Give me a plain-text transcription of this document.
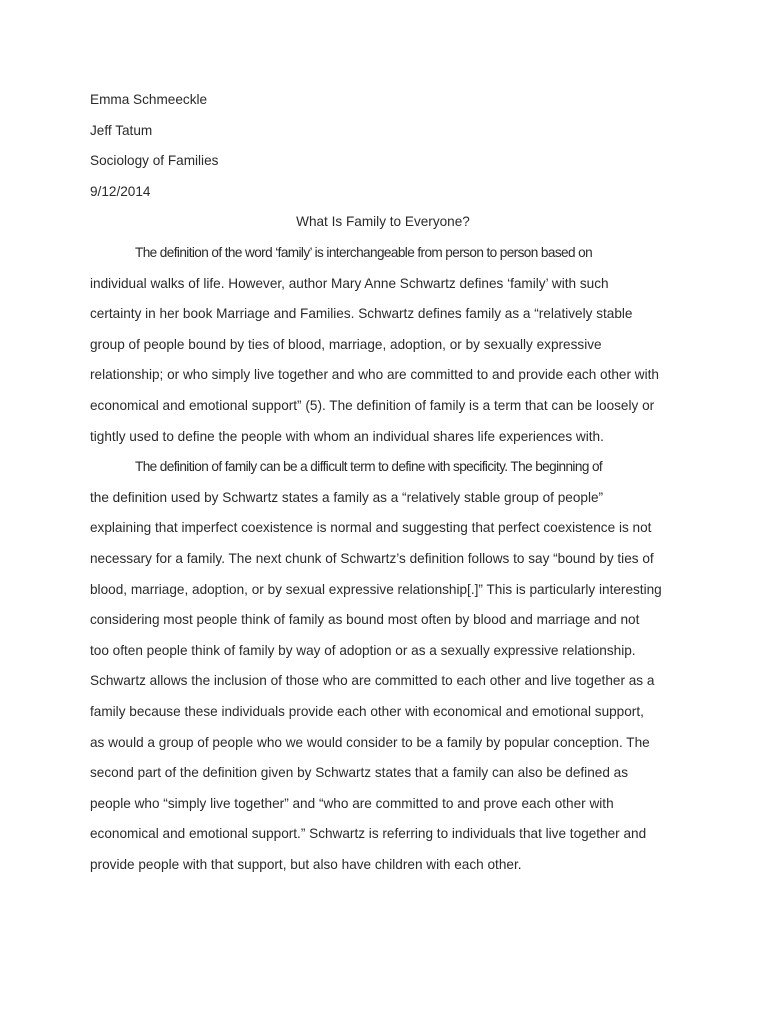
Emma Schmeeckle
Jeff Tatum
Sociology of Families
9/12/2014
What Is Family to Everyone?

The definition of the word ‘family’ is interchangeable from person to person based on
individual walks of life. However, author Mary Anne Schwartz defines ‘family’ with such
certainty in her book Marriage and Families. Schwartz defines family as a “relatively stable
group of people bound by ties of blood, marriage, adoption, or by sexually expressive
relationship; or who simply live together and who are committed to and provide each other with
economical and emotional support” (5). The definition of family is a term that can be loosely or
tightly used to define the people with whom an individual shares life experiences with.

The definition of family can be a difficult term to define with specificity. The beginning of
the definition used by Schwartz states a family as a “relatively stable group of people”
explaining that imperfect coexistence is normal and suggesting that perfect coexistence is not
necessary for a family. The next chunk of Schwartz’s definition follows to say “bound by ties of
blood, marriage, adoption, or by sexual expressive relationship[.]” This is particularly interesting
considering most people think of family as bound most often by blood and marriage and not
too often people think of family by way of adoption or as a sexually expressive relationship.
Schwartz allows the inclusion of those who are committed to each other and live together as a
family because these individuals provide each other with economical and emotional support,
as would a group of people who we would consider to be a family by popular conception. The
second part of the definition given by Schwartz states that a family can also be defined as
people who “simply live together” and “who are committed to and prove each other with
economical and emotional support.” Schwartz is referring to individuals that live together and
provide people with that support, but also have children with each other.
